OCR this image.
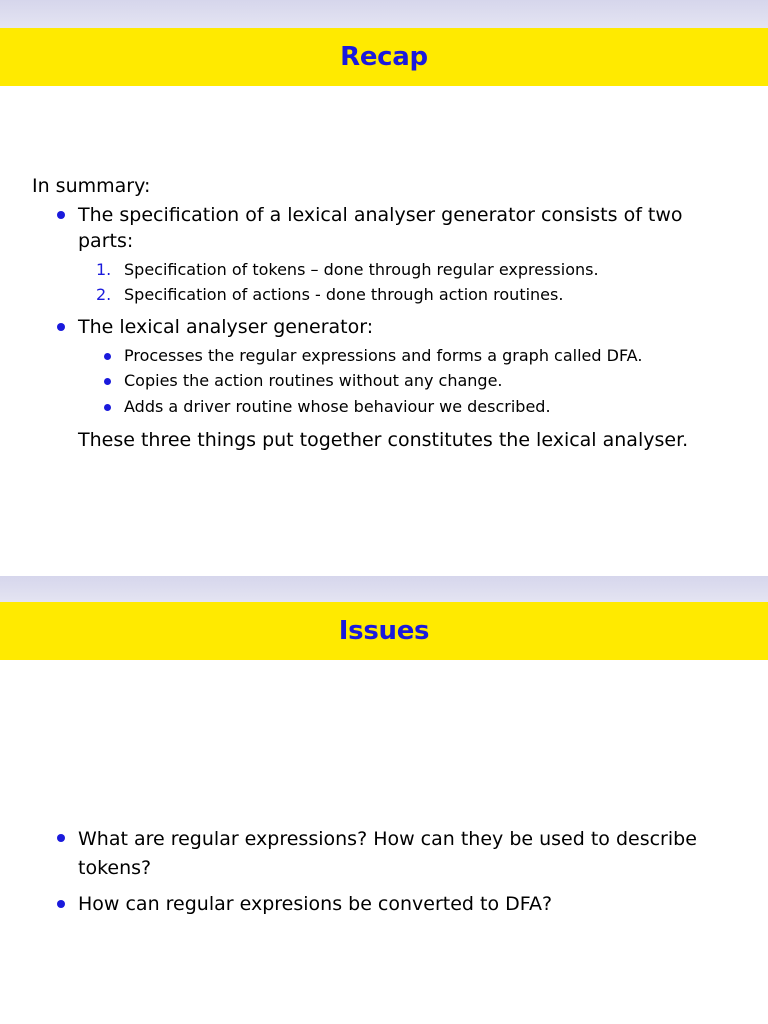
Recap
In summary:
The specification of a lexical analyser generator consists of two parts:
1. Specification of tokens – done through regular expressions.
2. Specification of actions - done through action routines.
The lexical analyser generator:
Processes the regular expressions and forms a graph called DFA.
Copies the action routines without any change.
Adds a driver routine whose behaviour we described.
These three things put together constitutes the lexical analyser.
Issues
What are regular expressions? How can they be used to describe tokens?
How can regular expresions be converted to DFA?
